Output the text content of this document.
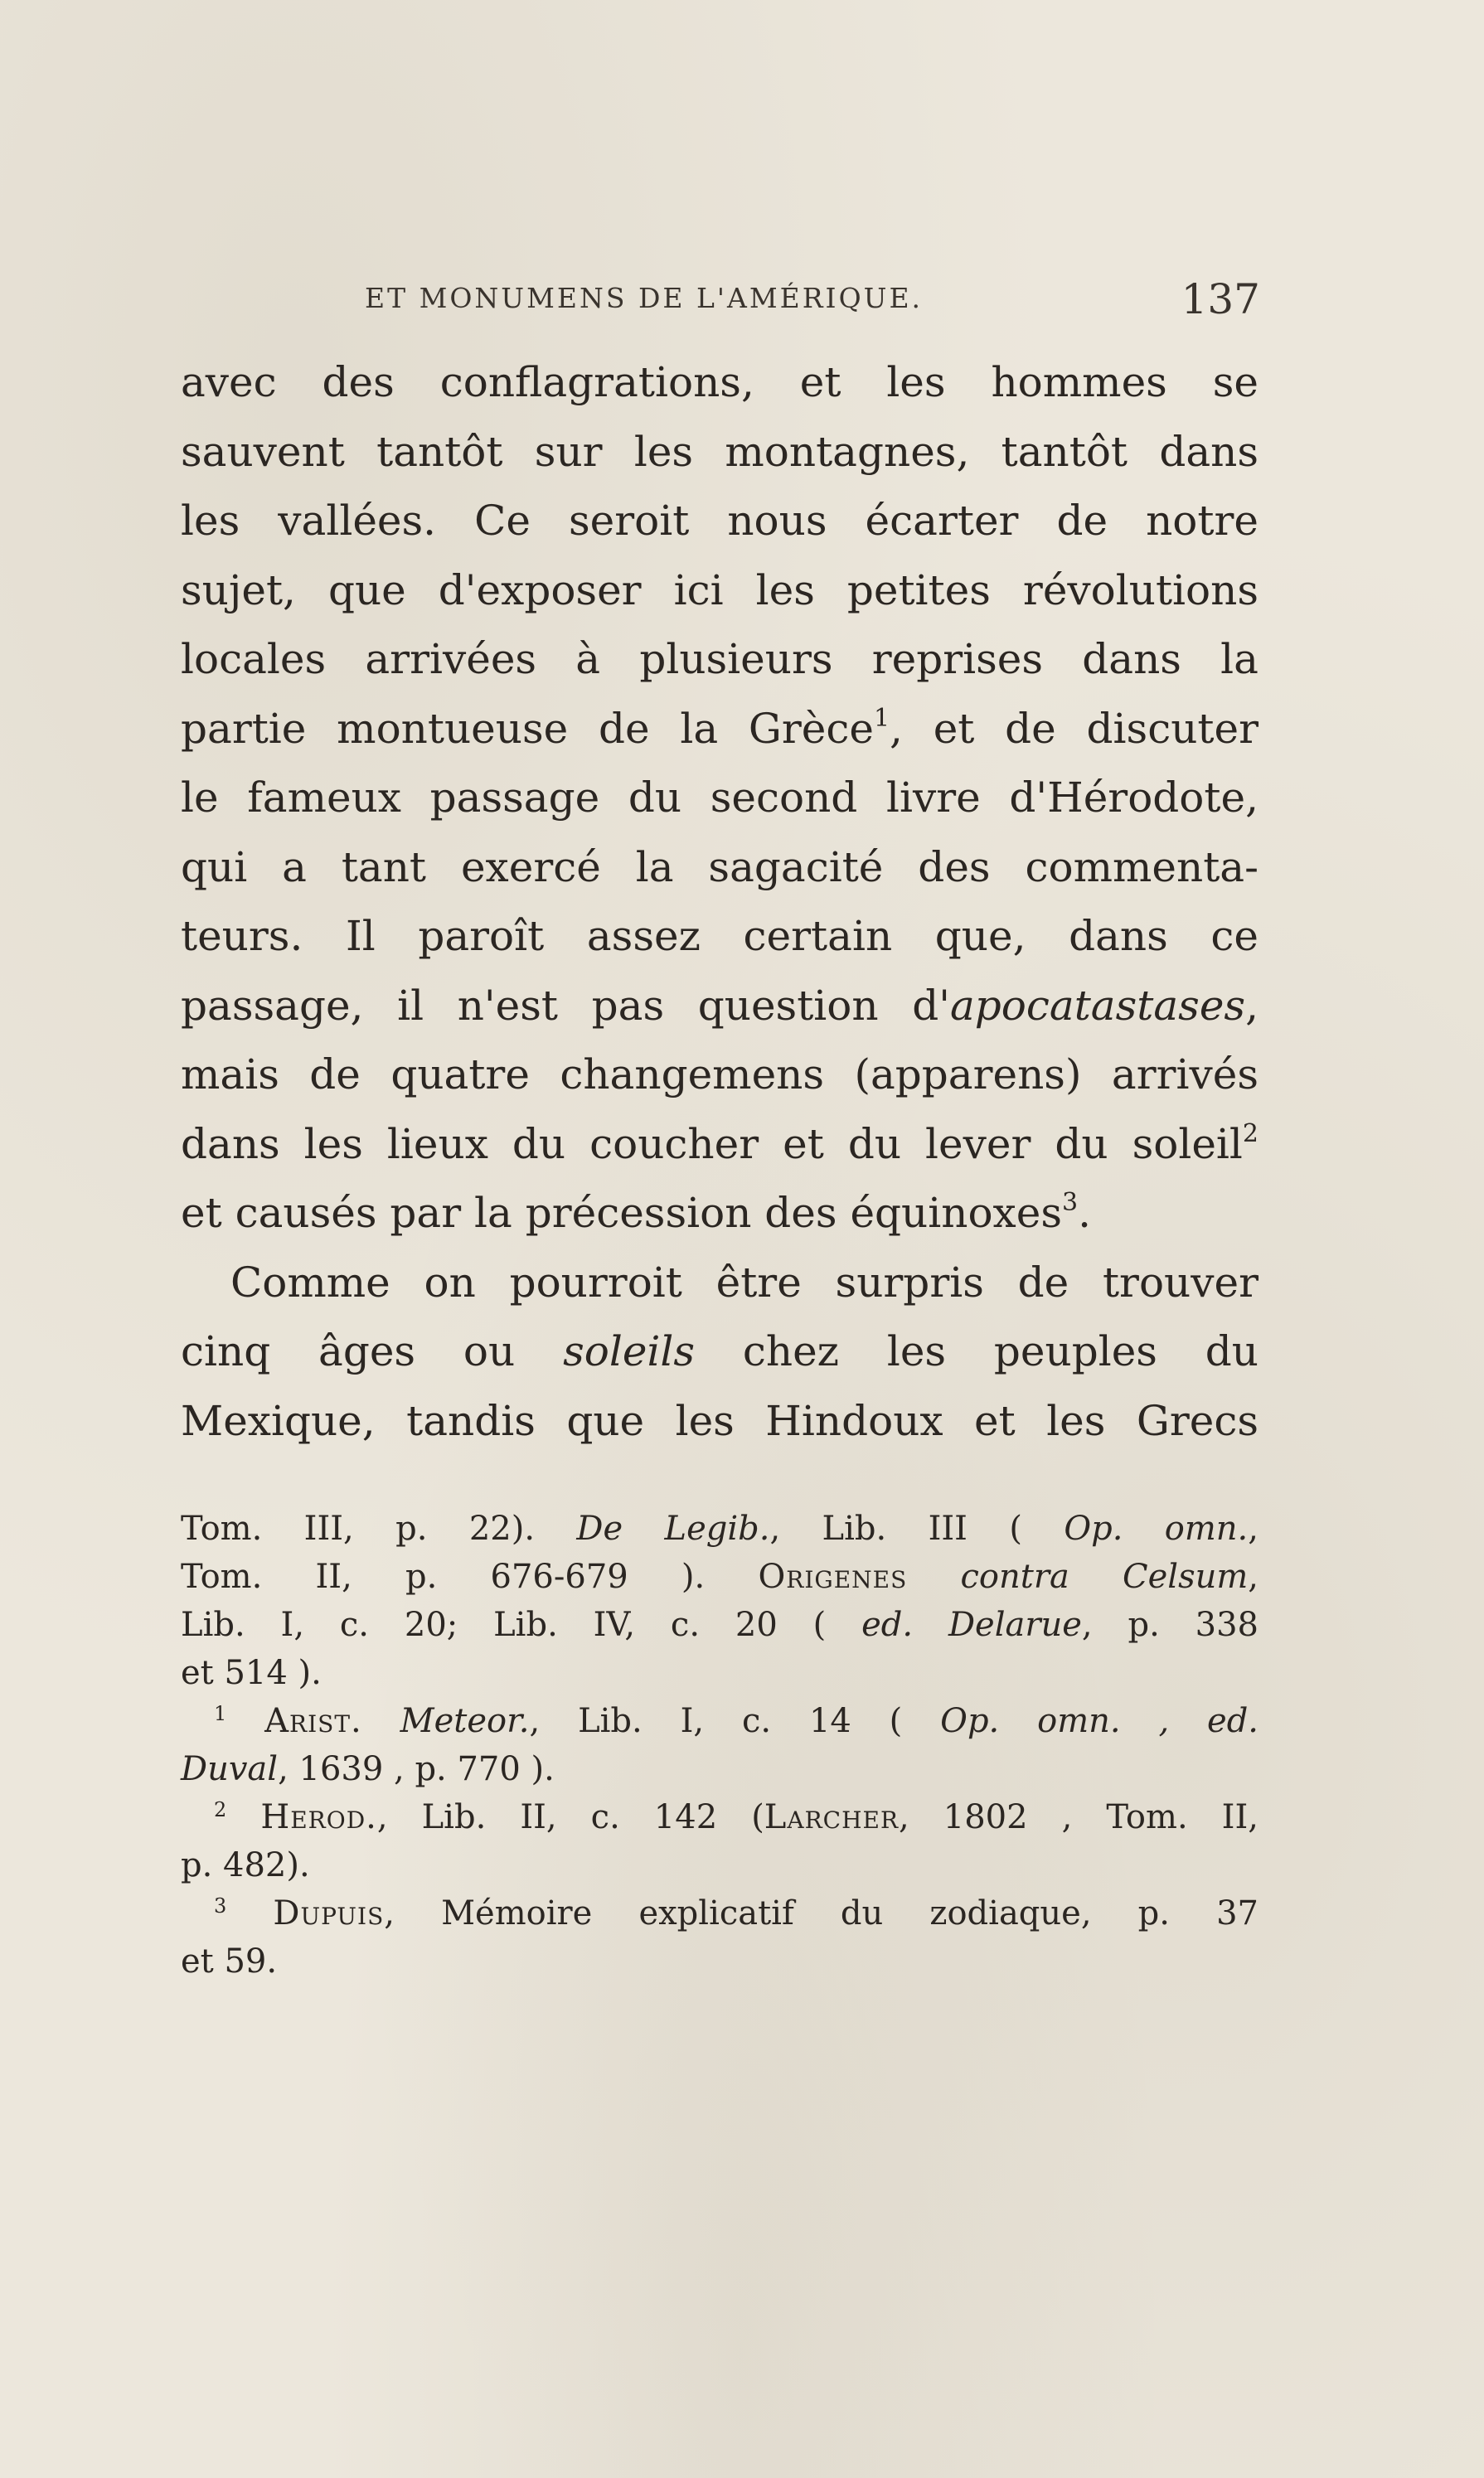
ET MONUMENS DE L'AMÉRIQUE.	137
avec des conflagrations, et les hommes se
sauvent tantôt sur les montagnes, tantôt dans
les vallées. Ce seroit nous écarter de notre
sujet, que d'exposer ici les petites révolutions
locales arrivées à plusieurs reprises dans la
partie montueuse de la Grèce$^1$, et de discuter
le fameux passage du second livre d'Hérodote,
qui a tant exercé la sagacité des commenta-
teurs. Il paroît assez certain que, dans ce
passage, il n'est pas question d'apocatastases,
mais de quatre changemens (apparens) arrivés
dans les lieux du coucher et du lever du soleil$^2$
et causés par la précession des équinoxes$^3$.
Comme on pourroit être surpris de trouver
cinq âges ou soleils chez les peuples du
Mexique, tandis que les Hindoux et les Grecs
Tom. III, p. 22). De Legib., Lib. III ( Op. omn.,
Tom. II, p. 676-679 ). Origenes contra Celsum,
Lib. I, c. 20; Lib. IV, c. 20 ( ed. Delarue, p. 338
et 514 ).
$^1$ Arist. Meteor., Lib. I, c. 14 ( Op. omn. , ed.
Duval, 1639 , p. 770 ).
$^2$ Herod., Lib. II, c. 142 (Larcher, 1802 , Tom. II,
p. 482).
$^3$ Dupuis, Mémoire explicatif du zodiaque, p. 37
et 59.
